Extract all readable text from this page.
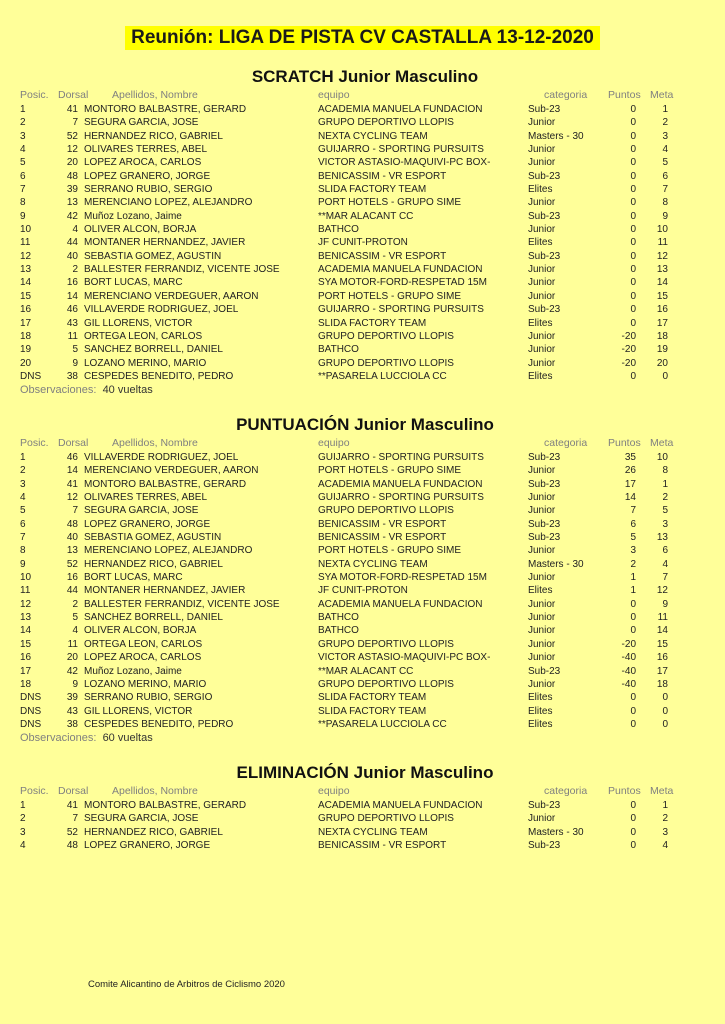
Reunión: LIGA DE PISTA CV CASTALLA 13-12-2020
SCRATCH Junior Masculino
Posic. Dorsal Apellidos, Nombre	equipo	categoria Puntos Meta
1	41 MONTORO BALBASTRE, GERARD	ACADEMIA MANUELA FUNDACION	Sub-23	0	1
2	7 SEGURA GARCIA, JOSE	GRUPO DEPORTIVO LLOPIS	Junior	0	2
3	52 HERNANDEZ RICO, GABRIEL	NEXTA CYCLING TEAM	Masters - 30	0	3
4	12 OLIVARES TERRES, ABEL	GUIJARRO - SPORTING PURSUITS	Junior	0	4
5	20 LOPEZ AROCA, CARLOS	VICTOR ASTASIO-MAQUIVI-PC BOX-	Junior	0	5
6	48 LOPEZ GRANERO, JORGE	BENICASSIM - VR ESPORT	Sub-23	0	6
7	39 SERRANO RUBIO, SERGIO	SLIDA FACTORY TEAM	Elites	0	7
8	13 MERENCIANO LOPEZ, ALEJANDRO	PORT HOTELS - GRUPO SIME	Junior	0	8
9	42 Muñoz Lozano, Jaime	**MAR ALACANT CC	Sub-23	0	9
10	4 OLIVER ALCON, BORJA	BATHCO	Junior	0	10
11	44 MONTANER HERNANDEZ, JAVIER	JF CUNIT-PROTON	Elites	0	11
12	40 SEBASTIA GOMEZ, AGUSTIN	BENICASSIM - VR ESPORT	Sub-23	0	12
13	2 BALLESTER FERRANDIZ, VICENTE JOSE	ACADEMIA MANUELA FUNDACION	Junior	0	13
14	16 BORT LUCAS, MARC	SYA MOTOR-FORD-RESPETAD 15M	Junior	0	14
15	14 MERENCIANO VERDEGUER, AARON	PORT HOTELS - GRUPO SIME	Junior	0	15
16	46 VILLAVERDE RODRIGUEZ, JOEL	GUIJARRO - SPORTING PURSUITS	Sub-23	0	16
17	43 GIL LLORENS, VICTOR	SLIDA FACTORY TEAM	Elites	0	17
18	11 ORTEGA LEON, CARLOS	GRUPO DEPORTIVO LLOPIS	Junior	-20	18
19	5 SANCHEZ BORRELL, DANIEL	BATHCO	Junior	-20	19
20	9 LOZANO MERINO, MARIO	GRUPO DEPORTIVO LLOPIS	Junior	-20	20
DNS	38 CESPEDES BENEDITO, PEDRO	**PASARELA LUCCIOLA CC	Elites	0	0
Observaciones: 40 vueltas
PUNTUACIÓN Junior Masculino
Posic. Dorsal Apellidos, Nombre	equipo	categoria Puntos Meta
1	46 VILLAVERDE RODRIGUEZ, JOEL	GUIJARRO - SPORTING PURSUITS	Sub-23	35	10
2	14 MERENCIANO VERDEGUER, AARON	PORT HOTELS - GRUPO SIME	Junior	26	8
3	41 MONTORO BALBASTRE, GERARD	ACADEMIA MANUELA FUNDACION	Sub-23	17	1
4	12 OLIVARES TERRES, ABEL	GUIJARRO - SPORTING PURSUITS	Junior	14	2
5	7 SEGURA GARCIA, JOSE	GRUPO DEPORTIVO LLOPIS	Junior	7	5
6	48 LOPEZ GRANERO, JORGE	BENICASSIM - VR ESPORT	Sub-23	6	3
7	40 SEBASTIA GOMEZ, AGUSTIN	BENICASSIM - VR ESPORT	Sub-23	5	13
8	13 MERENCIANO LOPEZ, ALEJANDRO	PORT HOTELS - GRUPO SIME	Junior	3	6
9	52 HERNANDEZ RICO, GABRIEL	NEXTA CYCLING TEAM	Masters - 30	2	4
10	16 BORT LUCAS, MARC	SYA MOTOR-FORD-RESPETAD 15M	Junior	1	7
11	44 MONTANER HERNANDEZ, JAVIER	JF CUNIT-PROTON	Elites	1	12
12	2 BALLESTER FERRANDIZ, VICENTE JOSE	ACADEMIA MANUELA FUNDACION	Junior	0	9
13	5 SANCHEZ BORRELL, DANIEL	BATHCO	Junior	0	11
14	4 OLIVER ALCON, BORJA	BATHCO	Junior	0	14
15	11 ORTEGA LEON, CARLOS	GRUPO DEPORTIVO LLOPIS	Junior	-20	15
16	20 LOPEZ AROCA, CARLOS	VICTOR ASTASIO-MAQUIVI-PC BOX-	Junior	-40	16
17	42 Muñoz Lozano, Jaime	**MAR ALACANT CC	Sub-23	-40	17
18	9 LOZANO MERINO, MARIO	GRUPO DEPORTIVO LLOPIS	Junior	-40	18
DNS	39 SERRANO RUBIO, SERGIO	SLIDA FACTORY TEAM	Elites	0	0
DNS	43 GIL LLORENS, VICTOR	SLIDA FACTORY TEAM	Elites	0	0
DNS	38 CESPEDES BENEDITO, PEDRO	**PASARELA LUCCIOLA CC	Elites	0	0
Observaciones: 60 vueltas
ELIMINACIÓN Junior Masculino
Posic. Dorsal Apellidos, Nombre	equipo	categoria Puntos Meta
1	41 MONTORO BALBASTRE, GERARD	ACADEMIA MANUELA FUNDACION	Sub-23	0	1
2	7 SEGURA GARCIA, JOSE	GRUPO DEPORTIVO LLOPIS	Junior	0	2
3	52 HERNANDEZ RICO, GABRIEL	NEXTA CYCLING TEAM	Masters - 30	0	3
4	48 LOPEZ GRANERO, JORGE	BENICASSIM - VR ESPORT	Sub-23	0	4
Comite Alicantino de Arbitros de Ciclismo 2020
